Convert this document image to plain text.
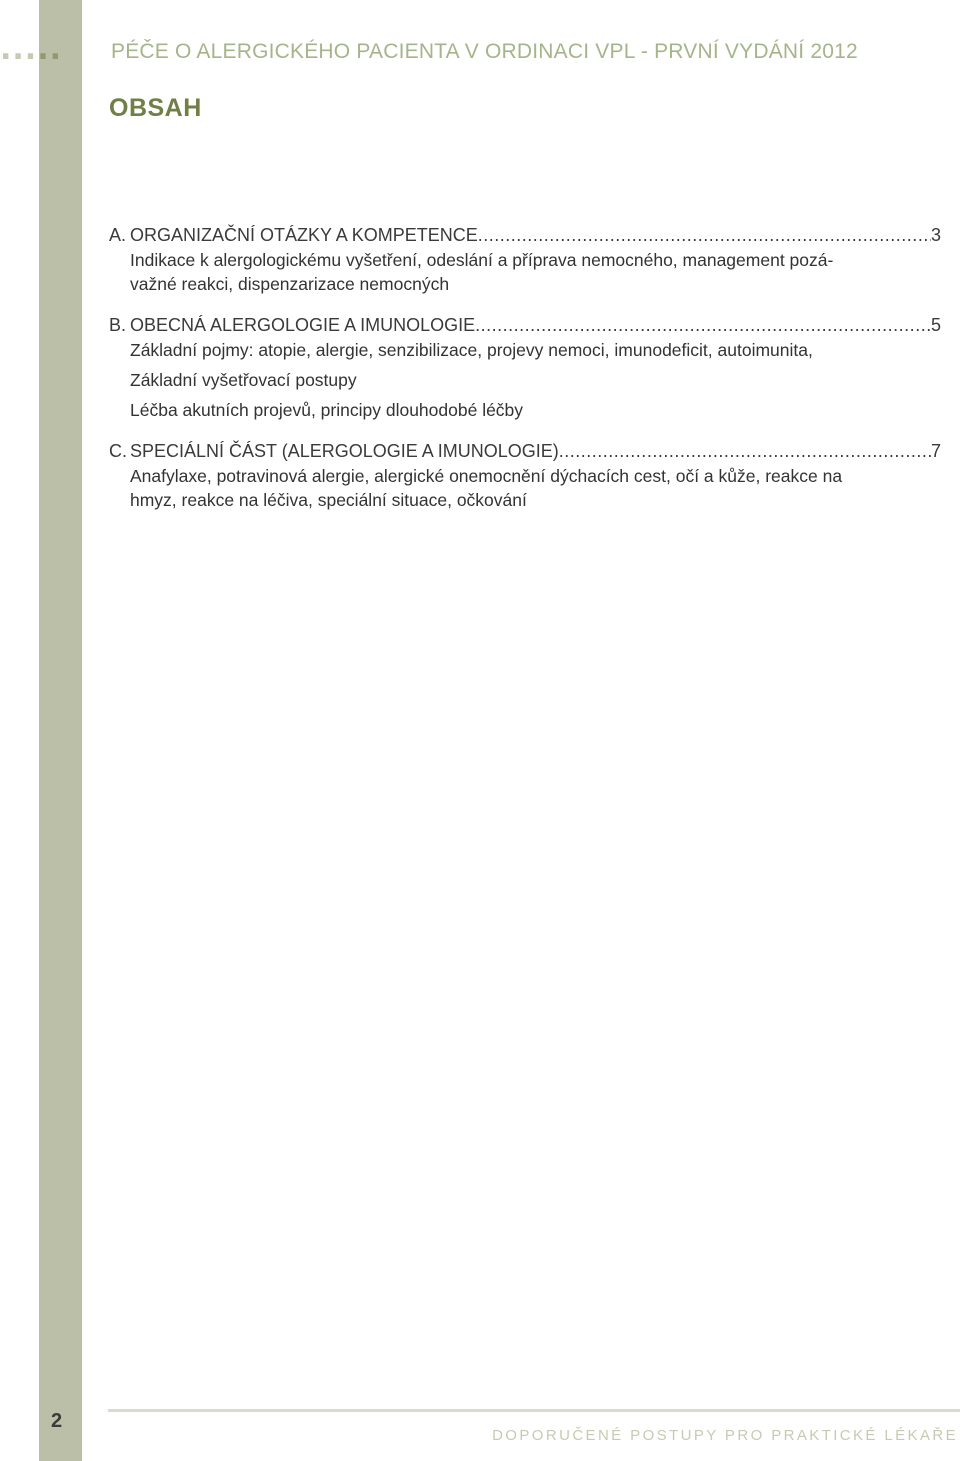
..... PÉČE O ALERGICKÉHO PACIENTA V ORDINACI VPL - PRVNÍ VYDÁNÍ 2012
OBSAH
A. ORGANIZAČNÍ OTÁZKY A KOMPETENCE .....	3
Indikace k alergologickému vyšetření, odeslání a příprava nemocného, management pozá-
važné reakci, dispenzarizace nemocných
B. OBECNÁ ALERGOLOGIE A IMUNOLOGIE .....	5
Základní pojmy: atopie, alergie, senzibilizace, projevy nemoci, imunodeficit, autoimunita,
Základní vyšetřovací postupy
Léčba akutních projevů, principy dlouhodobé léčby
C. SPECIÁLNÍ ČÁST (ALERGOLOGIE A IMUNOLOGIE) .....	7
Anafylaxe, potravinová alergie, alergické onemocnění dýchacích cest, očí a kůže, reakce na
hmyz, reakce na léčiva, speciální situace, očkování
2
DOPORUČENÉ POSTUPY PRO PRAKTICKÉ LÉKAŘE
